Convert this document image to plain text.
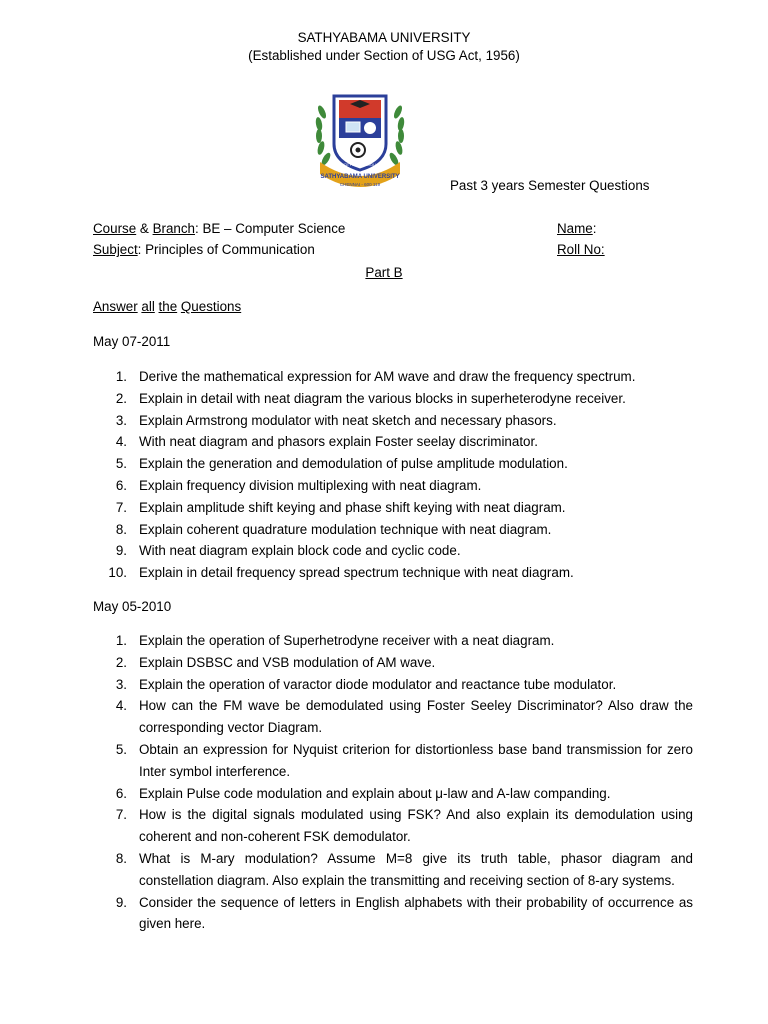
SATHYABAMA UNIVERSITY
(Established under Section of USG Act, 1956)
SATHYABAMA UNIVERSITY
CHENNAI - 600 119
JUSTICE PEACE REVOLUTION
Past 3 years Semester Questions
Course & Branch: BE – Computer Science
Subject: Principles of Communication
Name:
Roll No:
Part B
Answer all the Questions
May 07-2011
1. Derive the mathematical expression for AM wave and draw the frequency spectrum.
2. Explain in detail with neat diagram the various blocks in superheterodyne receiver.
3. Explain Armstrong modulator with neat sketch and necessary phasors.
4. With neat diagram and phasors explain Foster seelay discriminator.
5. Explain the generation and demodulation of pulse amplitude modulation.
6. Explain frequency division multiplexing with neat diagram.
7. Explain amplitude shift keying and phase shift keying with neat diagram.
8. Explain coherent quadrature modulation technique with neat diagram.
9. With neat diagram explain block code and cyclic code.
10. Explain in detail frequency spread spectrum technique with neat diagram.
May 05-2010
1. Explain the operation of Superhetrodyne receiver with a neat diagram.
2. Explain DSBSC and VSB modulation of AM wave.
3. Explain the operation of varactor diode modulator and reactance tube modulator.
4. How can the FM wave be demodulated using Foster Seeley Discriminator? Also draw the corresponding vector Diagram.
5. Obtain an expression for Nyquist criterion for distortionless base band transmission for zero Inter symbol interference.
6. Explain Pulse code modulation and explain about μ-law and A-law companding.
7. How is the digital signals modulated using FSK? And also explain its demodulation using coherent and non-coherent FSK demodulator.
8. What is M-ary modulation? Assume M=8 give its truth table, phasor diagram and constellation diagram. Also explain the transmitting and receiving section of 8-ary systems.
9. Consider the sequence of letters in English alphabets with their probability of occurrence as given here.
